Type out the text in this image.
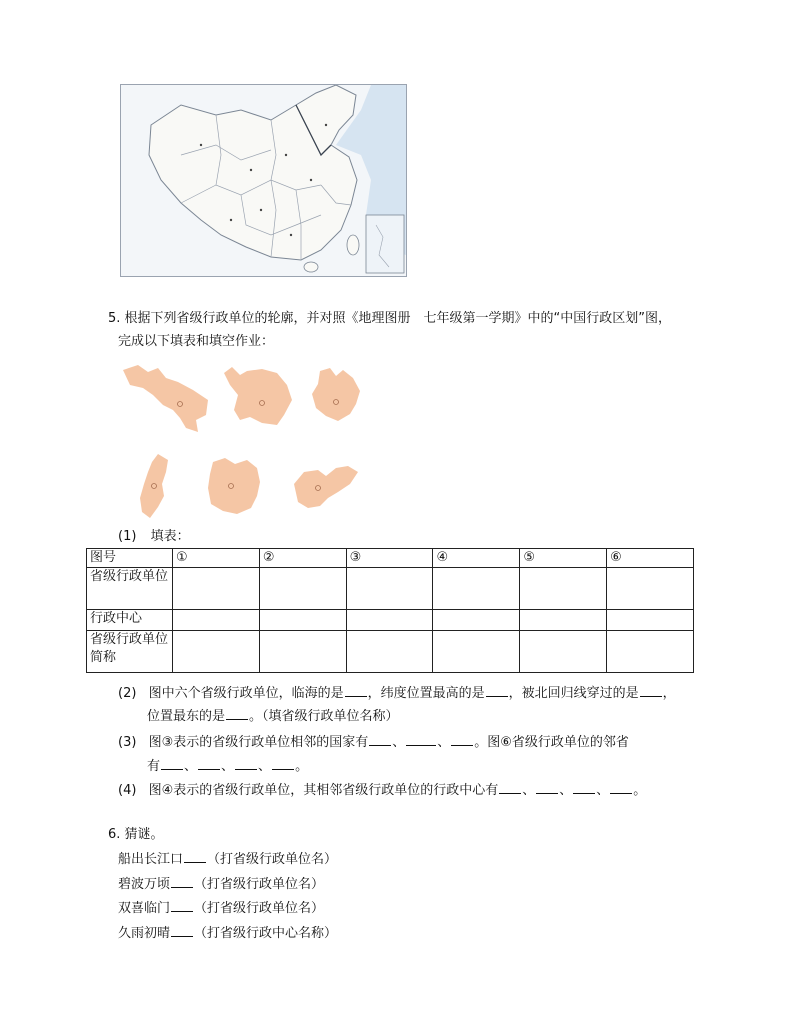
5. 根据下列省级行政单位的轮廓，并对照《地理图册　七年级第一学期》中的“中国行政区划”图，
完成以下填表和填空作业：
(1) 填表：
图号	①	②	③	④	⑤	⑥
省级行政单位						
行政中心						
省级行政单位简称						
(2) 图中六个省级行政单位，临海的是 ，纬度位置最高的是 ，被北回归线穿过的是 ，
位置最东的是 。（填省级行政单位名称）
(3) 图③表示的省级行政单位相邻的国家有 、 、 。图⑥省级行政单位的邻省
有 、 、 、 。
(4) 图④表示的省级行政单位，其相邻省级行政单位的行政中心有 、 、 、 。
6. 猜谜。
船出长江口 （打省级行政单位名）
碧波万顷 （打省级行政单位名）
双喜临门 （打省级行政单位名）
久雨初晴 （打省级行政中心名称）
